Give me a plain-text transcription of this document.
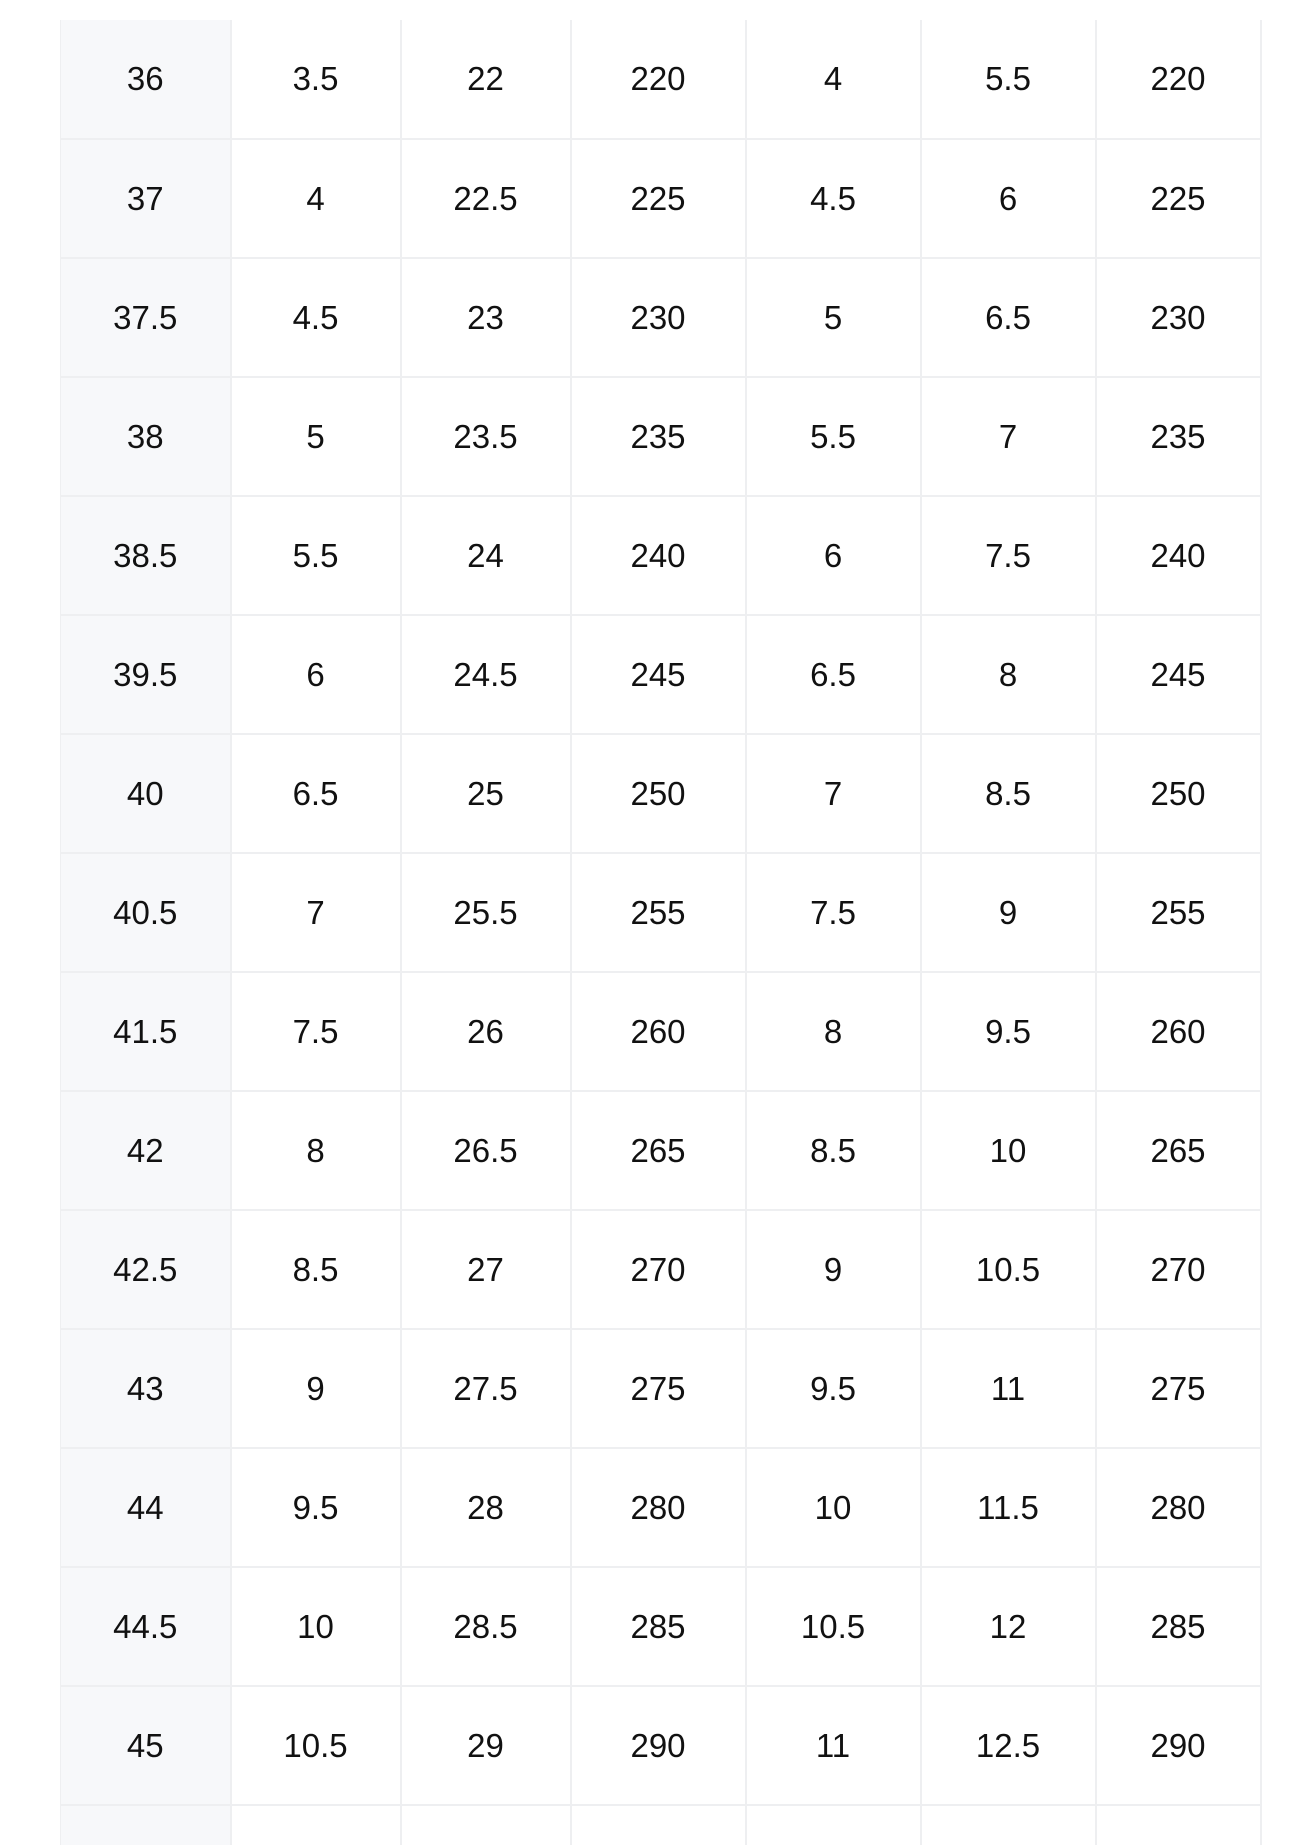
36	3.5	22	220	4	5.5	220
37	4	22.5	225	4.5	6	225
37.5	4.5	23	230	5	6.5	230
38	5	23.5	235	5.5	7	235
38.5	5.5	24	240	6	7.5	240
39.5	6	24.5	245	6.5	8	245
40	6.5	25	250	7	8.5	250
40.5	7	25.5	255	7.5	9	255
41.5	7.5	26	260	8	9.5	260
42	8	26.5	265	8.5	10	265
42.5	8.5	27	270	9	10.5	270
43	9	27.5	275	9.5	11	275
44	9.5	28	280	10	11.5	280
44.5	10	28.5	285	10.5	12	285
45	10.5	29	290	11	12.5	290
